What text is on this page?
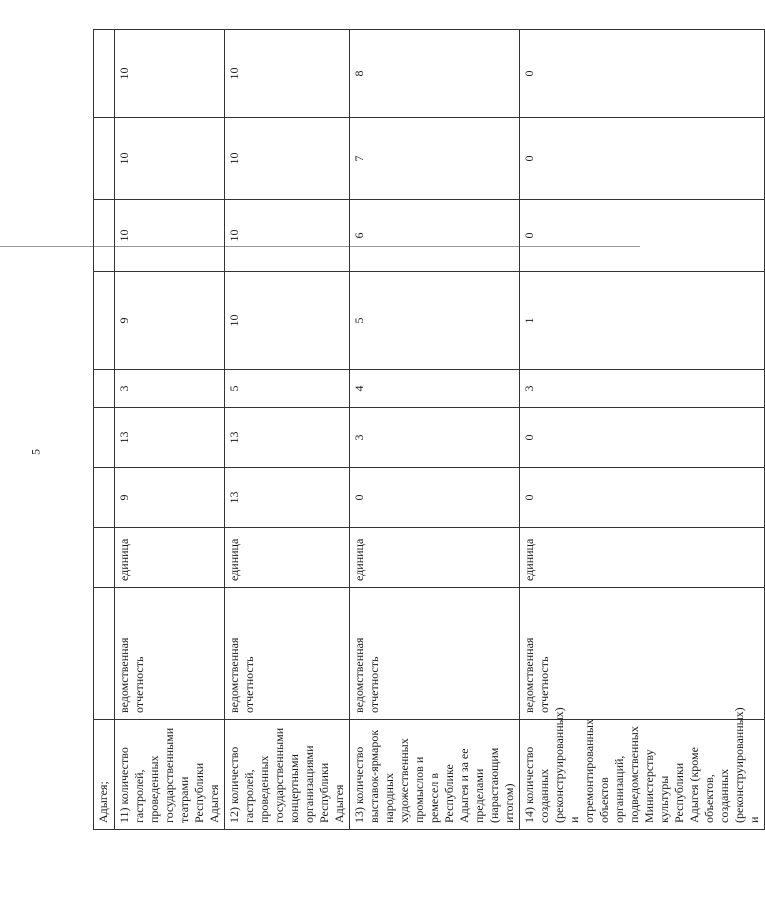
5
Адыгея;									

11) количество гастролей, проведенных государственными театрами Республики Адыгея	ведомственная отчетность	единица	9	13	3	9	10	10	10
12) количество гастролей, проведенных государственными концертными организациями Республики Адыгея	ведомственная отчетность	единица	13	13	5	10	10	10	10
13) количество выставок-ярмарок народных художественных промыслов и ремесел в Республике Адыгея и за ее пределами (нарастающим итогом)	ведомственная отчетность	единица	0	3	4	5	6	7	8
14) количество созданных (реконструированных) и отремонтированных объектов организаций, подведомственных Министерству культуры Республики Адыгея (кроме объектов, созданных (реконструированных) и	ведомственная отчетность	единица	0	0	3	1	0	0	0
